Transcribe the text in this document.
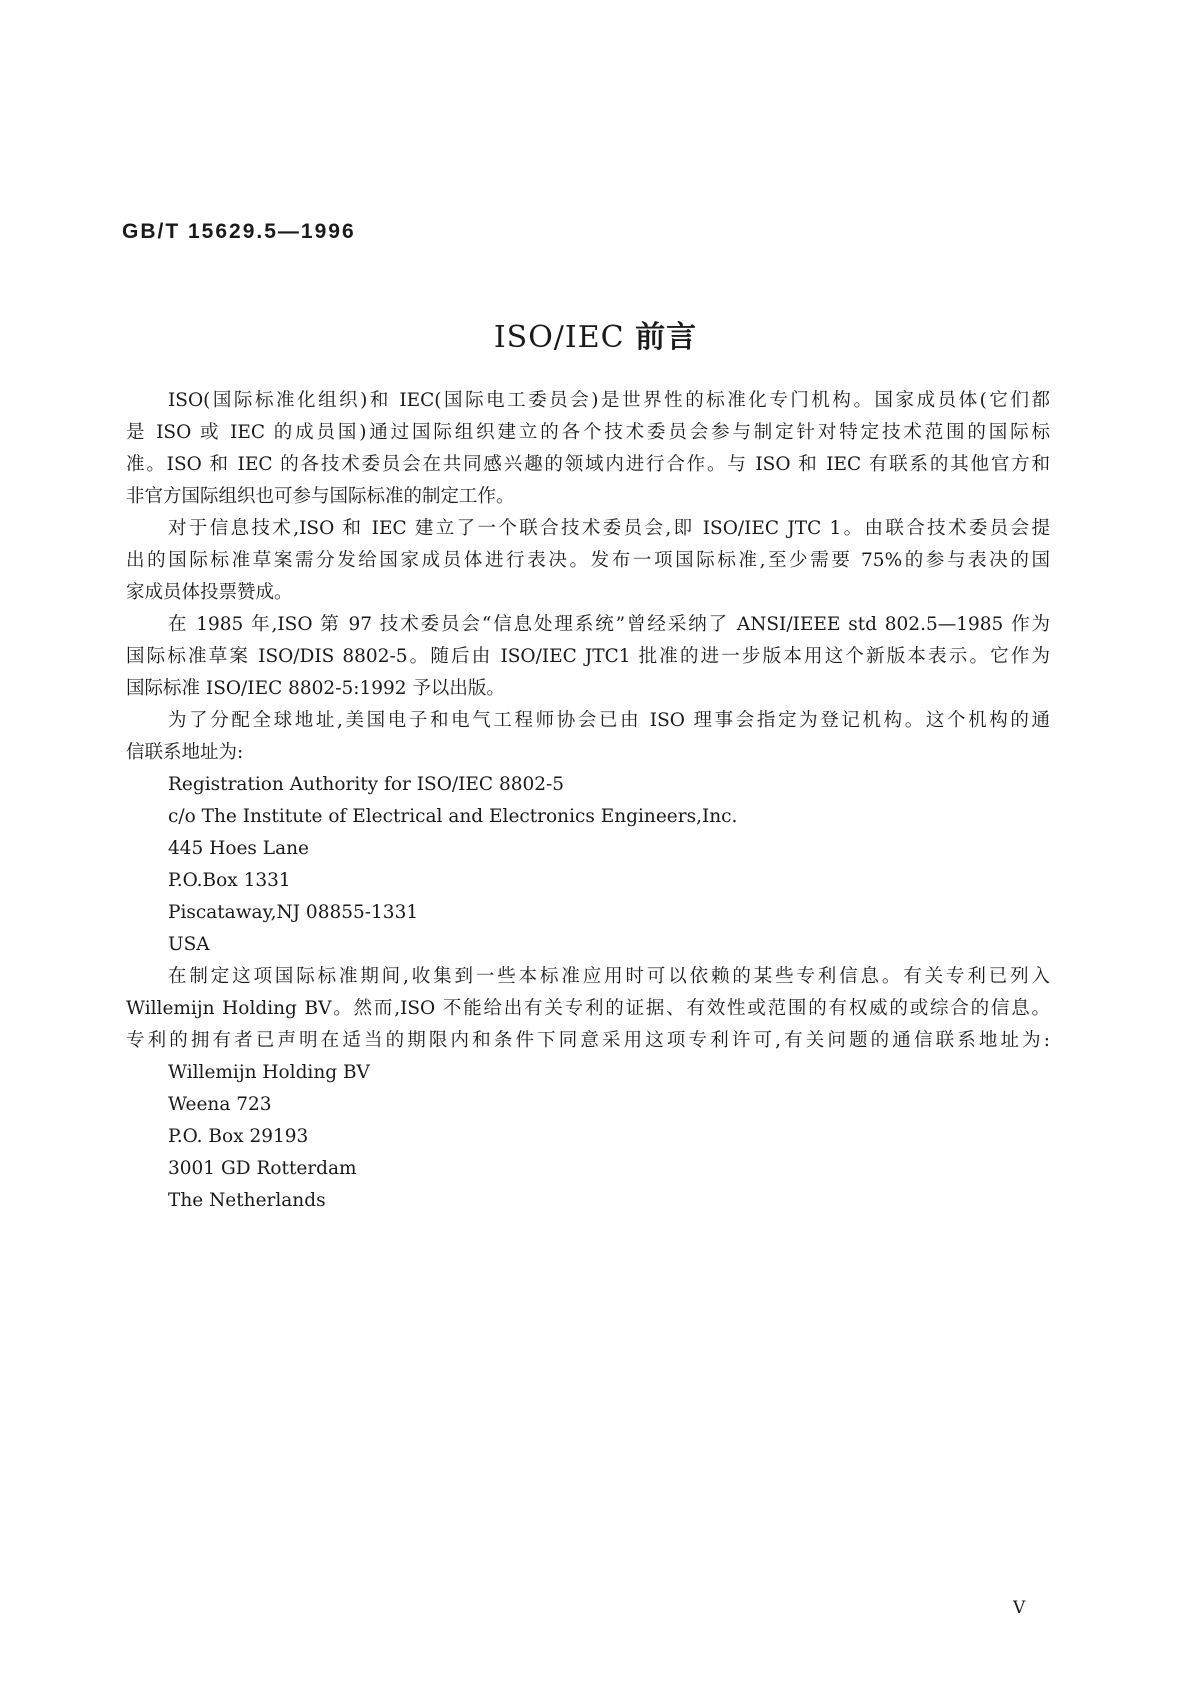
GB/T 15629.5—1996
ISO/IEC 前言
ISO(国际标准化组织)和 IEC(国际电工委员会)是世界性的标准化专门机构。国家成员体(它们都
是 ISO 或 IEC 的成员国)通过国际组织建立的各个技术委员会参与制定针对特定技术范围的国际标
准。ISO 和 IEC 的各技术委员会在共同感兴趣的领域内进行合作。与 ISO 和 IEC 有联系的其他官方和
非官方国际组织也可参与国际标准的制定工作。
对于信息技术,ISO 和 IEC 建立了一个联合技术委员会,即 ISO/IEC JTC 1。由联合技术委员会提
出的国际标准草案需分发给国家成员体进行表决。发布一项国际标准,至少需要 75%的参与表决的国
家成员体投票赞成。
在 1985 年,ISO 第 97 技术委员会“信息处理系统”曾经采纳了 ANSI/IEEE std 802.5—1985 作为
国际标准草案 ISO/DIS 8802-5。随后由 ISO/IEC JTC1 批准的进一步版本用这个新版本表示。它作为
国际标准 ISO/IEC 8802-5:1992 予以出版。
为了分配全球地址,美国电子和电气工程师协会已由 ISO 理事会指定为登记机构。这个机构的通
信联系地址为:
Registration Authority for ISO/IEC 8802-5
c/o The Institute of Electrical and Electronics Engineers,Inc.
445 Hoes Lane
P.O.Box 1331
Piscataway,NJ 08855-1331
USA
在制定这项国际标准期间,收集到一些本标准应用时可以依赖的某些专利信息。有关专利已列入
Willemijn Holding BV。然而,ISO 不能给出有关专利的证据、有效性或范围的有权威的或综合的信息。
专利的拥有者已声明在适当的期限内和条件下同意采用这项专利许可,有关问题的通信联系地址为:
Willemijn Holding BV
Weena 723
P.O. Box 29193
3001 GD Rotterdam
The Netherlands
V
